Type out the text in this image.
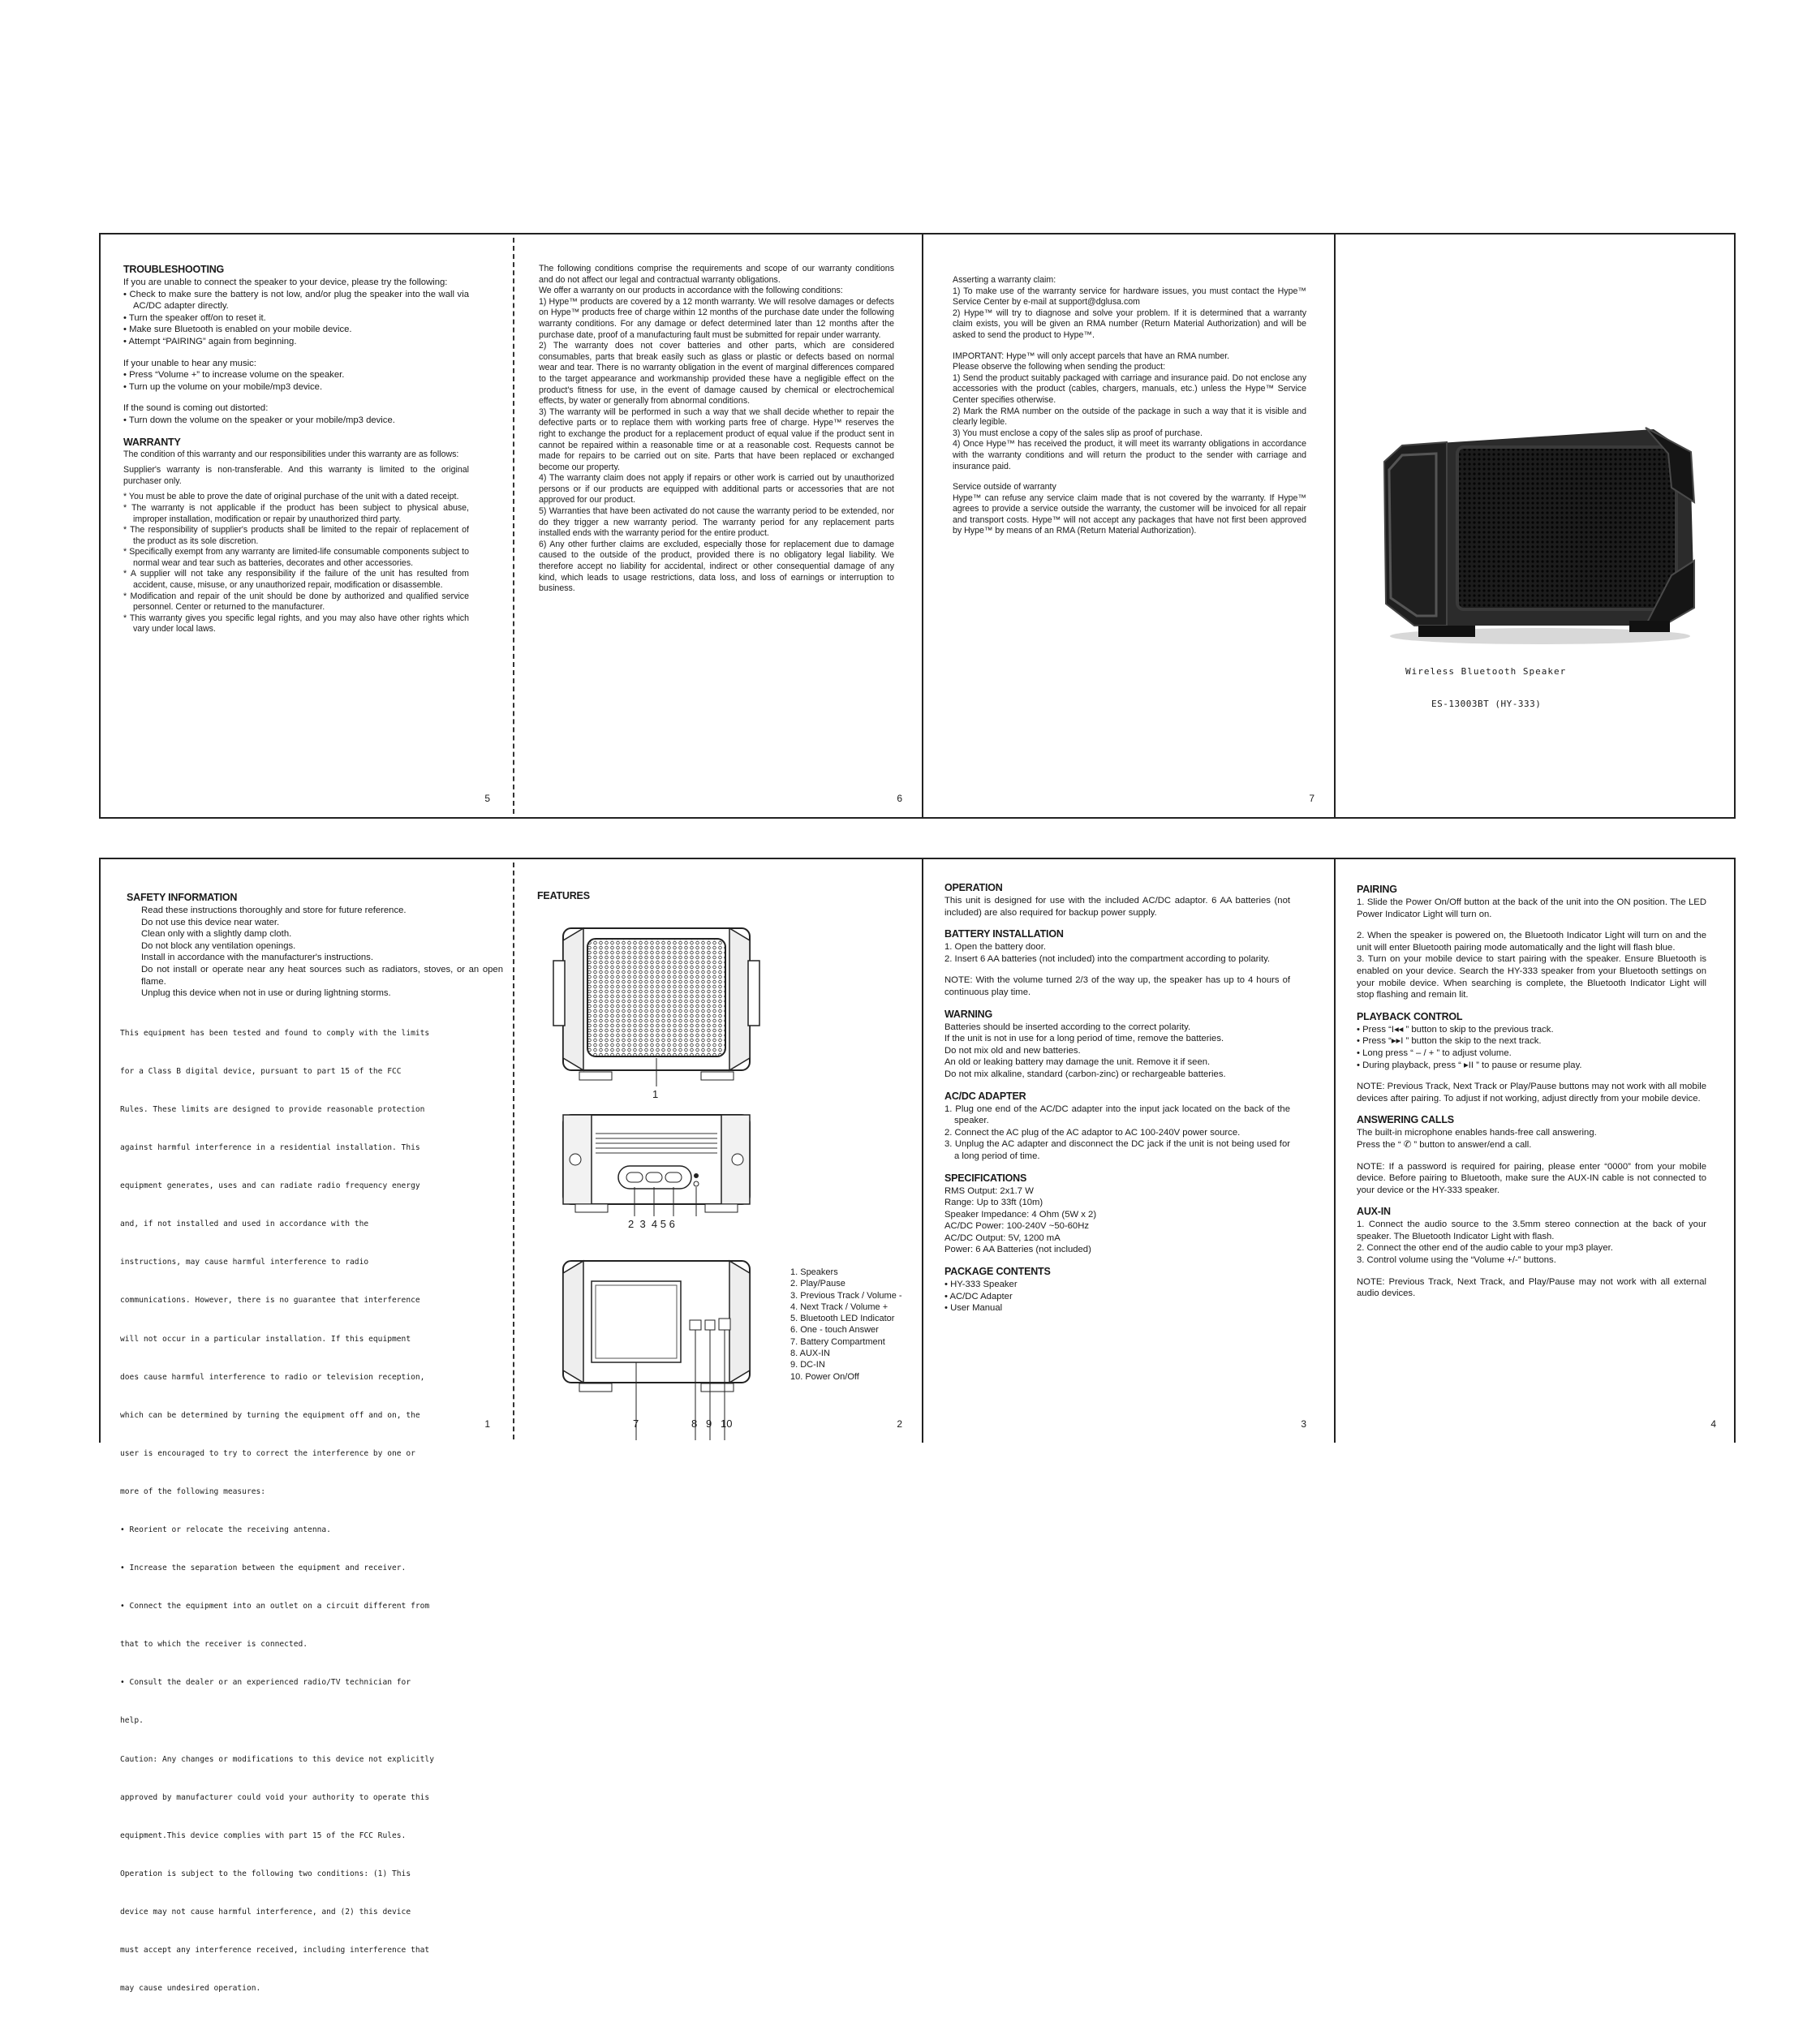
TROUBLESHOOTING

If you are unable to connect the speaker to your device, please try the following:

• Check to make sure the battery is not low, and/or plug the speaker into the wall via AC/DC adapter directly.

• Turn the speaker off/on to reset it.

• Make sure Bluetooth is enabled on your mobile device.

• Attempt “PAIRING” again from beginning.

If your unable to hear any music:

• Press “Volume +” to increase volume on the speaker.

• Turn up the volume on your mobile/mp3 device.

If the sound is coming out distorted:

• Turn down the volume on the speaker or your mobile/mp3 device.

WARRANTY

The condition of this warranty and our responsibilities under this warranty are as follows:

Supplier's warranty is non-transferable. And this warranty is limited to the original purchaser only.

* You must be able to prove the date of original purchase of the unit with a dated receipt.

* The warranty is not applicable if the product has been subject to physical abuse, improper installation, modification or repair by unauthorized third party.

* The responsibility of supplier's products shall be limited to the repair of replacement of the product as its sole discretion.

* Specifically exempt from any warranty are limited-life consumable components subject to normal wear and tear such as batteries, decorates and other accessories.

* A supplier will not take any responsibility if the failure of the unit has resulted from accident, cause, misuse, or any unauthorized repair, modification or disassemble.

* Modification and repair of the unit should be done by authorized and qualified service personnel. Center or returned to the manufacturer.

* This warranty gives you specific legal rights, and you may also have other rights which vary under local laws.

5

The following conditions comprise the requirements and scope of our warranty conditions and do not affect our legal and contractual warranty obligations.

We offer a warranty on our products in accordance with the following conditions:

1) Hype™ products are covered by a 12 month warranty. We will resolve damages or defects on Hype™ products free of charge within 12 months of the purchase date under the following warranty conditions. For any damage or defect determined later than 12 months after the purchase date, proof of a manufacturing fault must be submitted for repair under warranty.

2) The warranty does not cover batteries and other parts, which are considered consumables, parts that break easily such as glass or plastic or defects based on normal wear and tear. There is no warranty obligation in the event of marginal differences compared to the target appearance and workmanship provided these have a negligible effect on the product's fitness for use, in the event of damage caused by chemical or electrochemical effects, by water or generally from abnormal conditions.

3) The warranty will be performed in such a way that we shall decide whether to repair the defective parts or to replace them with working parts free of charge. Hype™ reserves the right to exchange the product for a replacement product of equal value if the product sent in cannot be repaired within a reasonable time or at a reasonable cost. Requests cannot be made for repairs to be carried out on site. Parts that have been replaced or exchanged become our property.

4) The warranty claim does not apply if repairs or other work is carried out by unauthorized persons or if our products are equipped with additional parts or accessories that are not approved for our product.

5) Warranties that have been activated do not cause the warranty period to be extended, nor do they trigger a new warranty period. The warranty period for any replacement parts installed ends with the warranty period for the entire product.

6) Any other further claims are excluded, especially those for replacement due to damage caused to the outside of the product, provided there is no obligatory legal liability. We therefore accept no liability for accidental, indirect or other consequential damage of any kind, which leads to usage restrictions, data loss, and loss of earnings or interruption to business.

6

Asserting a warranty claim:

1) To make use of the warranty service for hardware issues, you must contact the Hype™ Service Center by e-mail at support@dglusa.com

2) Hype™ will try to diagnose and solve your problem. If it is determined that a warranty claim exists, you will be given an RMA number (Return Material Authorization) and will be asked to send the product to Hype™.

IMPORTANT: Hype™ will only accept parcels that have an RMA number.

Please observe the following when sending the product:

1) Send the product suitably packaged with carriage and insurance paid. Do not enclose any accessories with the product (cables, chargers, manuals, etc.) unless the Hype™ Service Center specifies otherwise.

2) Mark the RMA number on the outside of the package in such a way that it is visible and clearly legible.

3) You must enclose a copy of the sales slip as proof of purchase.

4) Once Hype™ has received the product, it will meet its warranty obligations in accordance with the warranty conditions and will return the product to the sender with carriage and insurance paid.

Service outside of warranty

Hype™ can refuse any service claim made that is not covered by the warranty. If Hype™ agrees to provide a service outside the warranty, the customer will be invoiced for all repair and transport costs. Hype™ will not accept any packages that have not first been approved by Hype™ by means of an RMA (Return Material Authorization).

7
Wireless Bluetooth Speaker
ES-13003BT (HY-333)

SAFETY INFORMATION

Read these instructions thoroughly and store for future reference.

Do not use this device near water.

Clean only with a slightly damp cloth.

Do not block any ventilation openings.

Install in accordance with the manufacturer's instructions.

Do not install or operate near any heat sources such as radiators, stoves, or an open flame.

Unplug this device when not in use or during lightning storms.

This equipment has been tested and found to comply with the limits

for a Class B digital device, pursuant to part 15 of the FCC

Rules. These limits are designed to provide reasonable protection

against harmful interference in a residential installation. This

equipment generates, uses and can radiate radio frequency energy

and, if not installed and used in accordance with the

instructions, may cause harmful interference to radio

communications. However, there is no guarantee that interference

will not occur in a particular installation. If this equipment

does cause harmful interference to radio or television reception,

which can be determined by turning the equipment off and on, the

user is encouraged to try to correct the interference by one or

more of the following measures:

• Reorient or relocate the receiving antenna.

• Increase the separation between the equipment and receiver.

• Connect the equipment into an outlet on a circuit different from

that to which the receiver is connected.

• Consult the dealer or an experienced radio/TV technician for

help.

Caution: Any changes or modifications to this device not explicitly

approved by manufacturer could void your authority to operate this

equipment.This device complies with part 15 of the FCC Rules.

Operation is subject to the following two conditions: (1) This

device may not cause harmful interference, and (2) this device

must accept any interference received, including interference that

may cause undesired operation.

1

FEATURES

1
2  3  4 5 6
7	8 9 10
1. Speakers
2. Play/Pause
3. Previous Track / Volume -
4. Next Track / Volume +
5. Bluetooth LED Indicator
6. One - touch Answer
7. Battery Compartment
8. AUX-IN
9. DC-IN
10. Power On/Off
2

OPERATION

This unit is designed for use with the included AC/DC adaptor. 6 AA batteries (not included) are also required for backup power supply.

BATTERY INSTALLATION

1. Open the battery door.

2. Insert 6 AA batteries (not included) into the compartment according to polarity.

NOTE: With the volume turned 2/3 of the way up, the speaker has up to 4 hours of continuous play time.

WARNING

Batteries should be inserted according to the correct polarity.

If the unit is not in use for a long period of time, remove the batteries.

Do not mix old and new batteries.

An old or leaking battery may damage the unit. Remove it if seen.

Do not mix alkaline, standard (carbon-zinc) or rechargeable batteries.

AC/DC ADAPTER

1. Plug one end of the AC/DC adapter into the input jack located on the back of the speaker.

2. Connect the AC plug of the AC adaptor to AC 100-240V power source.

3. Unplug the AC adapter and disconnect the DC jack if the unit is not being used for a long period of time.

SPECIFICATIONS

RMS Output: 2x1.7 W

Range: Up to 33ft (10m)

Speaker Impedance: 4 Ohm (5W x 2)

AC/DC Power: 100-240V ~50-60Hz

AC/DC Output: 5V, 1200 mA

Power: 6 AA Batteries (not included)

PACKAGE CONTENTS

• HY-333 Speaker

• AC/DC Adapter

• User Manual

3

PAIRING

1. Slide the Power On/Off button at the back of the unit into the ON position. The LED Power Indicator Light will turn on.

2. When the speaker is powered on, the Bluetooth Indicator Light will turn on and the unit will enter Bluetooth pairing mode automatically and the light will flash blue.

3. Turn on your mobile device to start pairing with the speaker. Ensure Bluetooth is enabled on your device. Search the HY-333 speaker from your Bluetooth settings on your mobile device. When searching is complete, the Bluetooth Indicator Light will stop flashing and remain lit.

PLAYBACK CONTROL

• Press “I◂◂ ” button to skip to the previous track.

• Press “▸▸I ” button the skip to the next track.

• Long press “ – / + ” to adjust volume.

• During playback, press “ ▸II ” to pause or resume play.

NOTE: Previous Track, Next Track or Play/Pause buttons may not work with all mobile devices after pairing. To adjust if not working, adjust directly from your mobile device.

ANSWERING CALLS

The built-in microphone enables hands-free call answering.

Press the “ ✆ ” button to answer/end a call.

NOTE: If a password is required for pairing, please enter “0000” from your mobile device. Before pairing to Bluetooth, make sure the AUX-IN cable is not connected to your device or the HY-333 speaker.

AUX-IN

1. Connect the audio source to the 3.5mm stereo connection at the back of your speaker. The Bluetooth Indicator Light with flash.

2. Connect the other end of the audio cable to your mp3 player.

3. Control volume using the “Volume +/-” buttons.

NOTE: Previous Track, Next Track, and Play/Pause may not work with all external audio devices.

4
